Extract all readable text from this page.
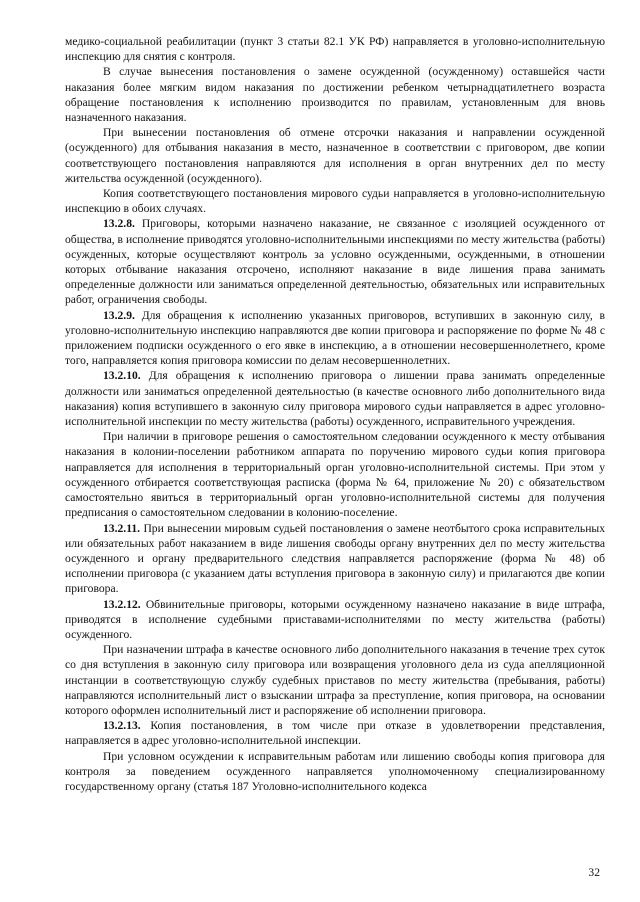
медико-социальной реабилитации (пункт 3 статьи 82.1 УК РФ) направляется в уголовно-исполнительную инспекцию для снятия с контроля.

В случае вынесения постановления о замене осужденной (осужденному) оставшейся части наказания более мягким видом наказания по достижении ребенком четырнадцатилетнего возраста обращение постановления к исполнению производится по правилам, установленным для вновь назначенного наказания.

При вынесении постановления об отмене отсрочки наказания и направлении осужденной (осужденного) для отбывания наказания в место, назначенное в соответствии с приговором, две копии соответствующего постановления направляются для исполнения в орган внутренних дел по месту жительства осужденной (осужденного).

Копия соответствующего постановления мирового судьи направляется в уголовно-исполнительную инспекцию в обоих случаях.

13.2.8. Приговоры, которыми назначено наказание, не связанное с изоляцией осужденного от общества, в исполнение приводятся уголовно-исполнительными инспекциями по месту жительства (работы) осужденных, которые осуществляют контроль за условно осужденными, осужденными, в отношении которых отбывание наказания отсрочено, исполняют наказание в виде лишения права занимать определенные должности или заниматься определенной деятельностью, обязательных или исправительных работ, ограничения свободы.

13.2.9. Для обращения к исполнению указанных приговоров, вступивших в законную силу, в уголовно-исполнительную инспекцию направляются две копии приговора и распоряжение по форме № 48 с приложением подписки осужденного о его явке в инспекцию, а в отношении несовершеннолетнего, кроме того, направляется копия приговора комиссии по делам несовершеннолетних.

13.2.10. Для обращения к исполнению приговора о лишении права занимать определенные должности или заниматься определенной деятельностью (в качестве основного либо дополнительного вида наказания) копия вступившего в законную силу приговора мирового судьи направляется в адрес уголовно-исполнительной инспекции по месту жительства (работы) осужденного, исправительного учреждения.

При наличии в приговоре решения о самостоятельном следовании осужденного к месту отбывания наказания в колонии-поселении работником аппарата по поручению мирового судьи копия приговора направляется для исполнения в территориальный орган уголовно-исполнительной системы. При этом у осужденного отбирается соответствующая расписка (форма № 64, приложение № 20) с обязательством самостоятельно явиться в территориальный орган уголовно-исполнительной системы для получения предписания о самостоятельном следовании в колонию-поселение.

13.2.11. При вынесении мировым судьей постановления о замене неотбытого срока исправительных или обязательных работ наказанием в виде лишения свободы органу внутренних дел по месту жительства осужденного и органу предварительного следствия направляется распоряжение (форма № 48) об исполнении приговора (с указанием даты вступления приговора в законную силу) и прилагаются две копии приговора.

13.2.12. Обвинительные приговоры, которыми осужденному назначено наказание в виде штрафа, приводятся в исполнение судебными приставами-исполнителями по месту жительства (работы) осужденного.

При назначении штрафа в качестве основного либо дополнительного наказания в течение трех суток со дня вступления в законную силу приговора или возвращения уголовного дела из суда апелляционной инстанции в соответствующую службу судебных приставов по месту жительства (пребывания, работы) направляются исполнительный лист о взыскании штрафа за преступление, копия приговора, на основании которого оформлен исполнительный лист и распоряжение об исполнении приговора.

13.2.13. Копия постановления, в том числе при отказе в удовлетворении представления, направляется в адрес уголовно-исполнительной инспекции.

При условном осуждении к исправительным работам или лишению свободы копия приговора для контроля за поведением осужденного направляется уполномоченному специализированному государственному органу (статья 187 Уголовно-исполнительного кодекса

32
